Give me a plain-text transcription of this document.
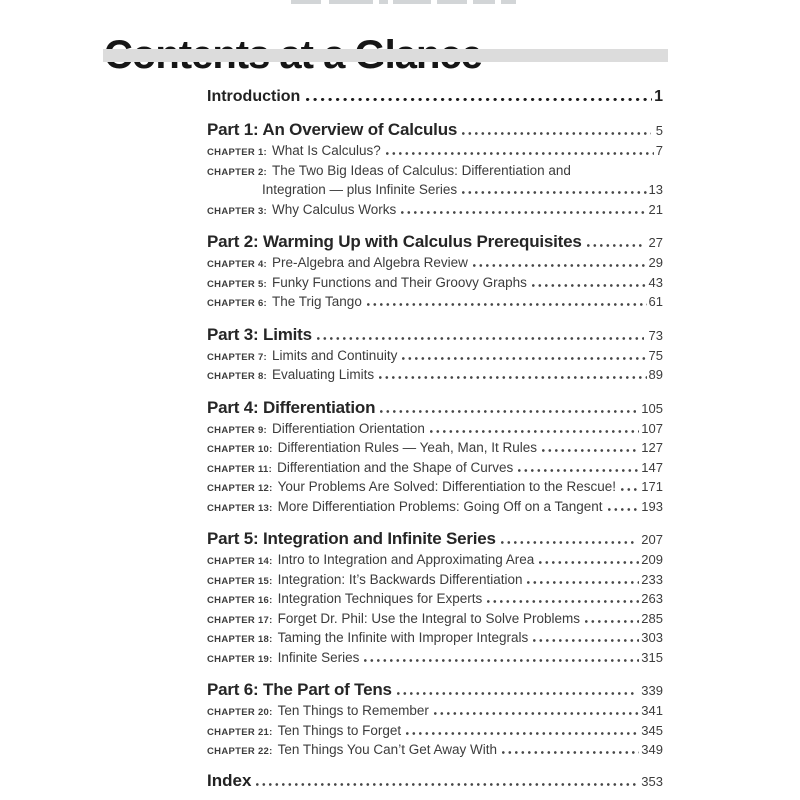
Introduction	1
Part 1: An Overview of Calculus	5
CHAPTER 1: What Is Calculus?	7
CHAPTER 2: The Two Big Ideas of Calculus: Differentiation and
Integration — plus Infinite Series	13
CHAPTER 3: Why Calculus Works	21
Part 2: Warming Up with Calculus Prerequisites	27
CHAPTER 4: Pre-Algebra and Algebra Review	29
CHAPTER 5: Funky Functions and Their Groovy Graphs	43
CHAPTER 6: The Trig Tango	61
Part 3: Limits	73
CHAPTER 7: Limits and Continuity	75
CHAPTER 8: Evaluating Limits	89
Part 4: Differentiation	105
CHAPTER 9: Differentiation Orientation	107
CHAPTER 10: Differentiation Rules — Yeah, Man, It Rules	127
CHAPTER 11: Differentiation and the Shape of Curves	147
CHAPTER 12: Your Problems Are Solved: Differentiation to the Rescue! 171
CHAPTER 13: More Differentiation Problems: Going Off on a Tangent	193
Part 5: Integration and Infinite Series	207
CHAPTER 14: Intro to Integration and Approximating Area	209
CHAPTER 15: Integration: It’s Backwards Differentiation	233
CHAPTER 16: Integration Techniques for Experts	263
CHAPTER 17: Forget Dr. Phil: Use the Integral to Solve Problems	285
CHAPTER 18: Taming the Infinite with Improper Integrals	303
CHAPTER 19: Infinite Series	315
Part 6: The Part of Tens	339
CHAPTER 20: Ten Things to Remember	341
CHAPTER 21: Ten Things to Forget	345
CHAPTER 22: Ten Things You Can’t Get Away With	349
Index	353
